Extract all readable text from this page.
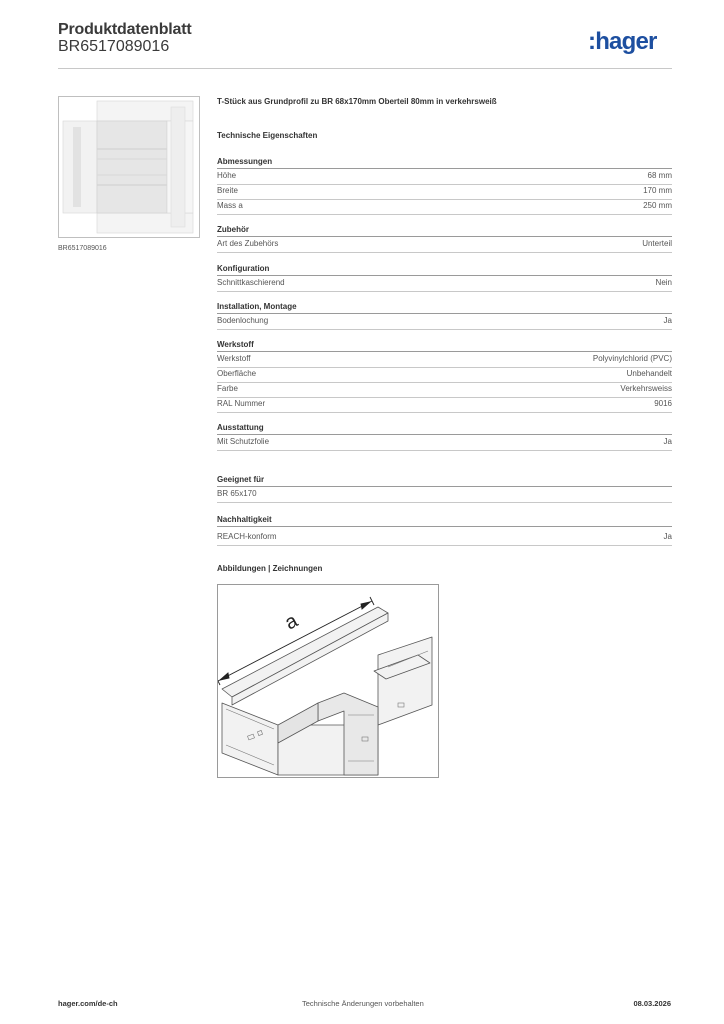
Produktdatenblatt
BR6517089016	:hager
BR6517089016
T-Stück aus Grundprofil zu BR 68x170mm Oberteil 80mm in verkehrsweiß
Technische Eigenschaften
Abmessungen
Höhe	68 mm
Breite	170 mm
Mass a	250 mm
Zubehör
Art des Zubehörs	Unterteil
Konfiguration
Schnittkaschierend	Nein
Installation, Montage
Bodenlochung	Ja
Werkstoff
Werkstoff	Polyvinylchlorid (PVC)
Oberfläche	Unbehandelt
Farbe	Verkehrsweiss
RAL Nummer	9016
Ausstattung
Mit Schutzfolie	Ja
Geeignet für
BR 65x170
Nachhaltigkeit
REACH-konform	Ja
Abbildungen | Zeichnungen
a
hager.com/de-ch	Technische Änderungen vorbehalten	08.03.2026
